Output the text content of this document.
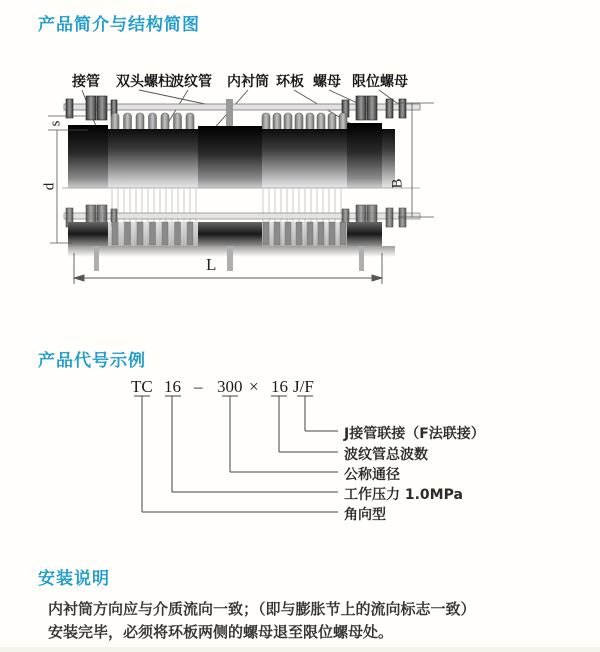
产品简介与结构简图
接管 双头螺柱
波纹管 内衬筒 环板 螺母 限位螺母
s
d	B
L
产品代号示例
TC 16 – 300 × 16 J/F
J接管联接（F法联接）
波纹管总波数
公称通径
工作压力 1.0MPa
角向型
安装说明
内衬筒方向应与介质流向一致；（即与膨胀节上的流向标志一致）
安装完毕，必须将环板两侧的螺母退至限位螺母处。
